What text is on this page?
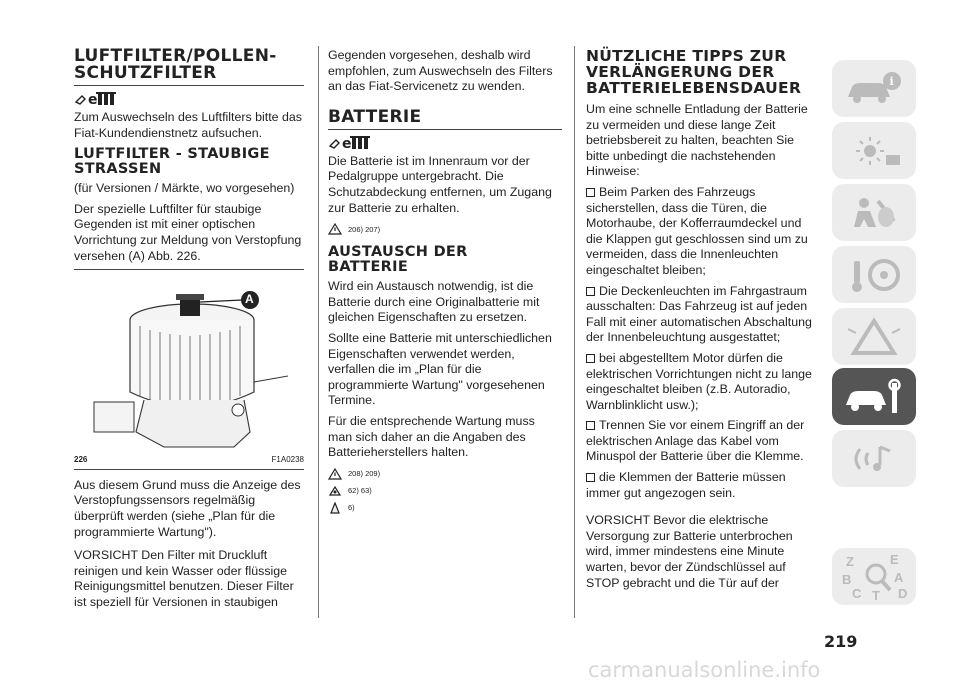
LUFTFILTER/POLLEN-
SCHUTZFILTER
e

Zum Auswechseln des Luftfilters bitte das Fiat-Kundendienstnetz aufsuchen.

LUFTFILTER - STAUBIGE
STRASSEN

(für Versionen / Märkte, wo vorgesehen)

Der spezielle Luftfilter für staubige Gegenden ist mit einer optischen Vorrichtung zur Meldung von Verstopfung versehen (A) Abb. 226.

A
226	F1A0238

Aus diesem Grund muss die Anzeige des Verstopfungssensors regelmäßig überprüft werden (siehe „Plan für die programmierte Wartung").

VORSICHT Den Filter mit Druckluft reinigen und kein Wasser oder flüssige Reinigungsmittel benutzen. Dieser Filter ist speziell für Versionen in staubigen

Gegenden vorgesehen, deshalb wird empfohlen, zum Auswechseln des Filters an das Fiat-Servicenetz zu wenden.

BATTERIE
e

Die Batterie ist im Innenraum vor der Pedalgruppe untergebracht. Die Schutzabdeckung entfernen, um Zugang zur Batterie zu erhalten.

206) 207)
AUSTAUSCH DER
BATTERIE

Wird ein Austausch notwendig, ist die Batterie durch eine Originalbatterie mit gleichen Eigenschaften zu ersetzen.

Sollte eine Batterie mit unterschiedlichen Eigenschaften verwendet werden, verfallen die im „Plan für die programmierte Wartung" vorgesehenen Termine.

Für die entsprechende Wartung muss man sich daher an die Angaben des Batterieherstellers halten.

208) 209)
62) 63)
6)
NÜTZLICHE TIPPS ZUR
VERLÄNGERUNG DER
BATTERIELEBENSDAUER

Um eine schnelle Entladung der Batterie zu vermeiden und diese lange Zeit betriebsbereit zu halten, beachten Sie bitte unbedingt die nachstehenden Hinweise:

Beim Parken des Fahrzeugs sicherstellen, dass die Türen, die Motorhaube, der Kofferraumdeckel und die Klappen gut geschlossen sind um zu vermeiden, dass die Innenleuchten eingeschaltet bleiben;

Die Deckenleuchten im Fahrgastraum ausschalten: Das Fahrzeug ist auf jeden Fall mit einer automatischen Abschaltung der Innenbeleuchtung ausgestattet;

bei abgestelltem Motor dürfen die elektrischen Vorrichtungen nicht zu lange eingeschaltet bleiben (z.B. Autoradio, Warnblinklicht usw.);

Trennen Sie vor einem Eingriff an der elektrischen Anlage das Kabel vom Minuspol der Batterie über die Klemme.

die Klemmen der Batterie müssen immer gut angezogen sein.

VORSICHT Bevor die elektrische Versorgung zur Batterie unterbrochen wird, immer mindestens eine Minute warten, bevor der Zündschlüssel auf STOP gebracht und die Tür auf der

i
Z	E
B	A
C T D
219
carmanualsonline.info
